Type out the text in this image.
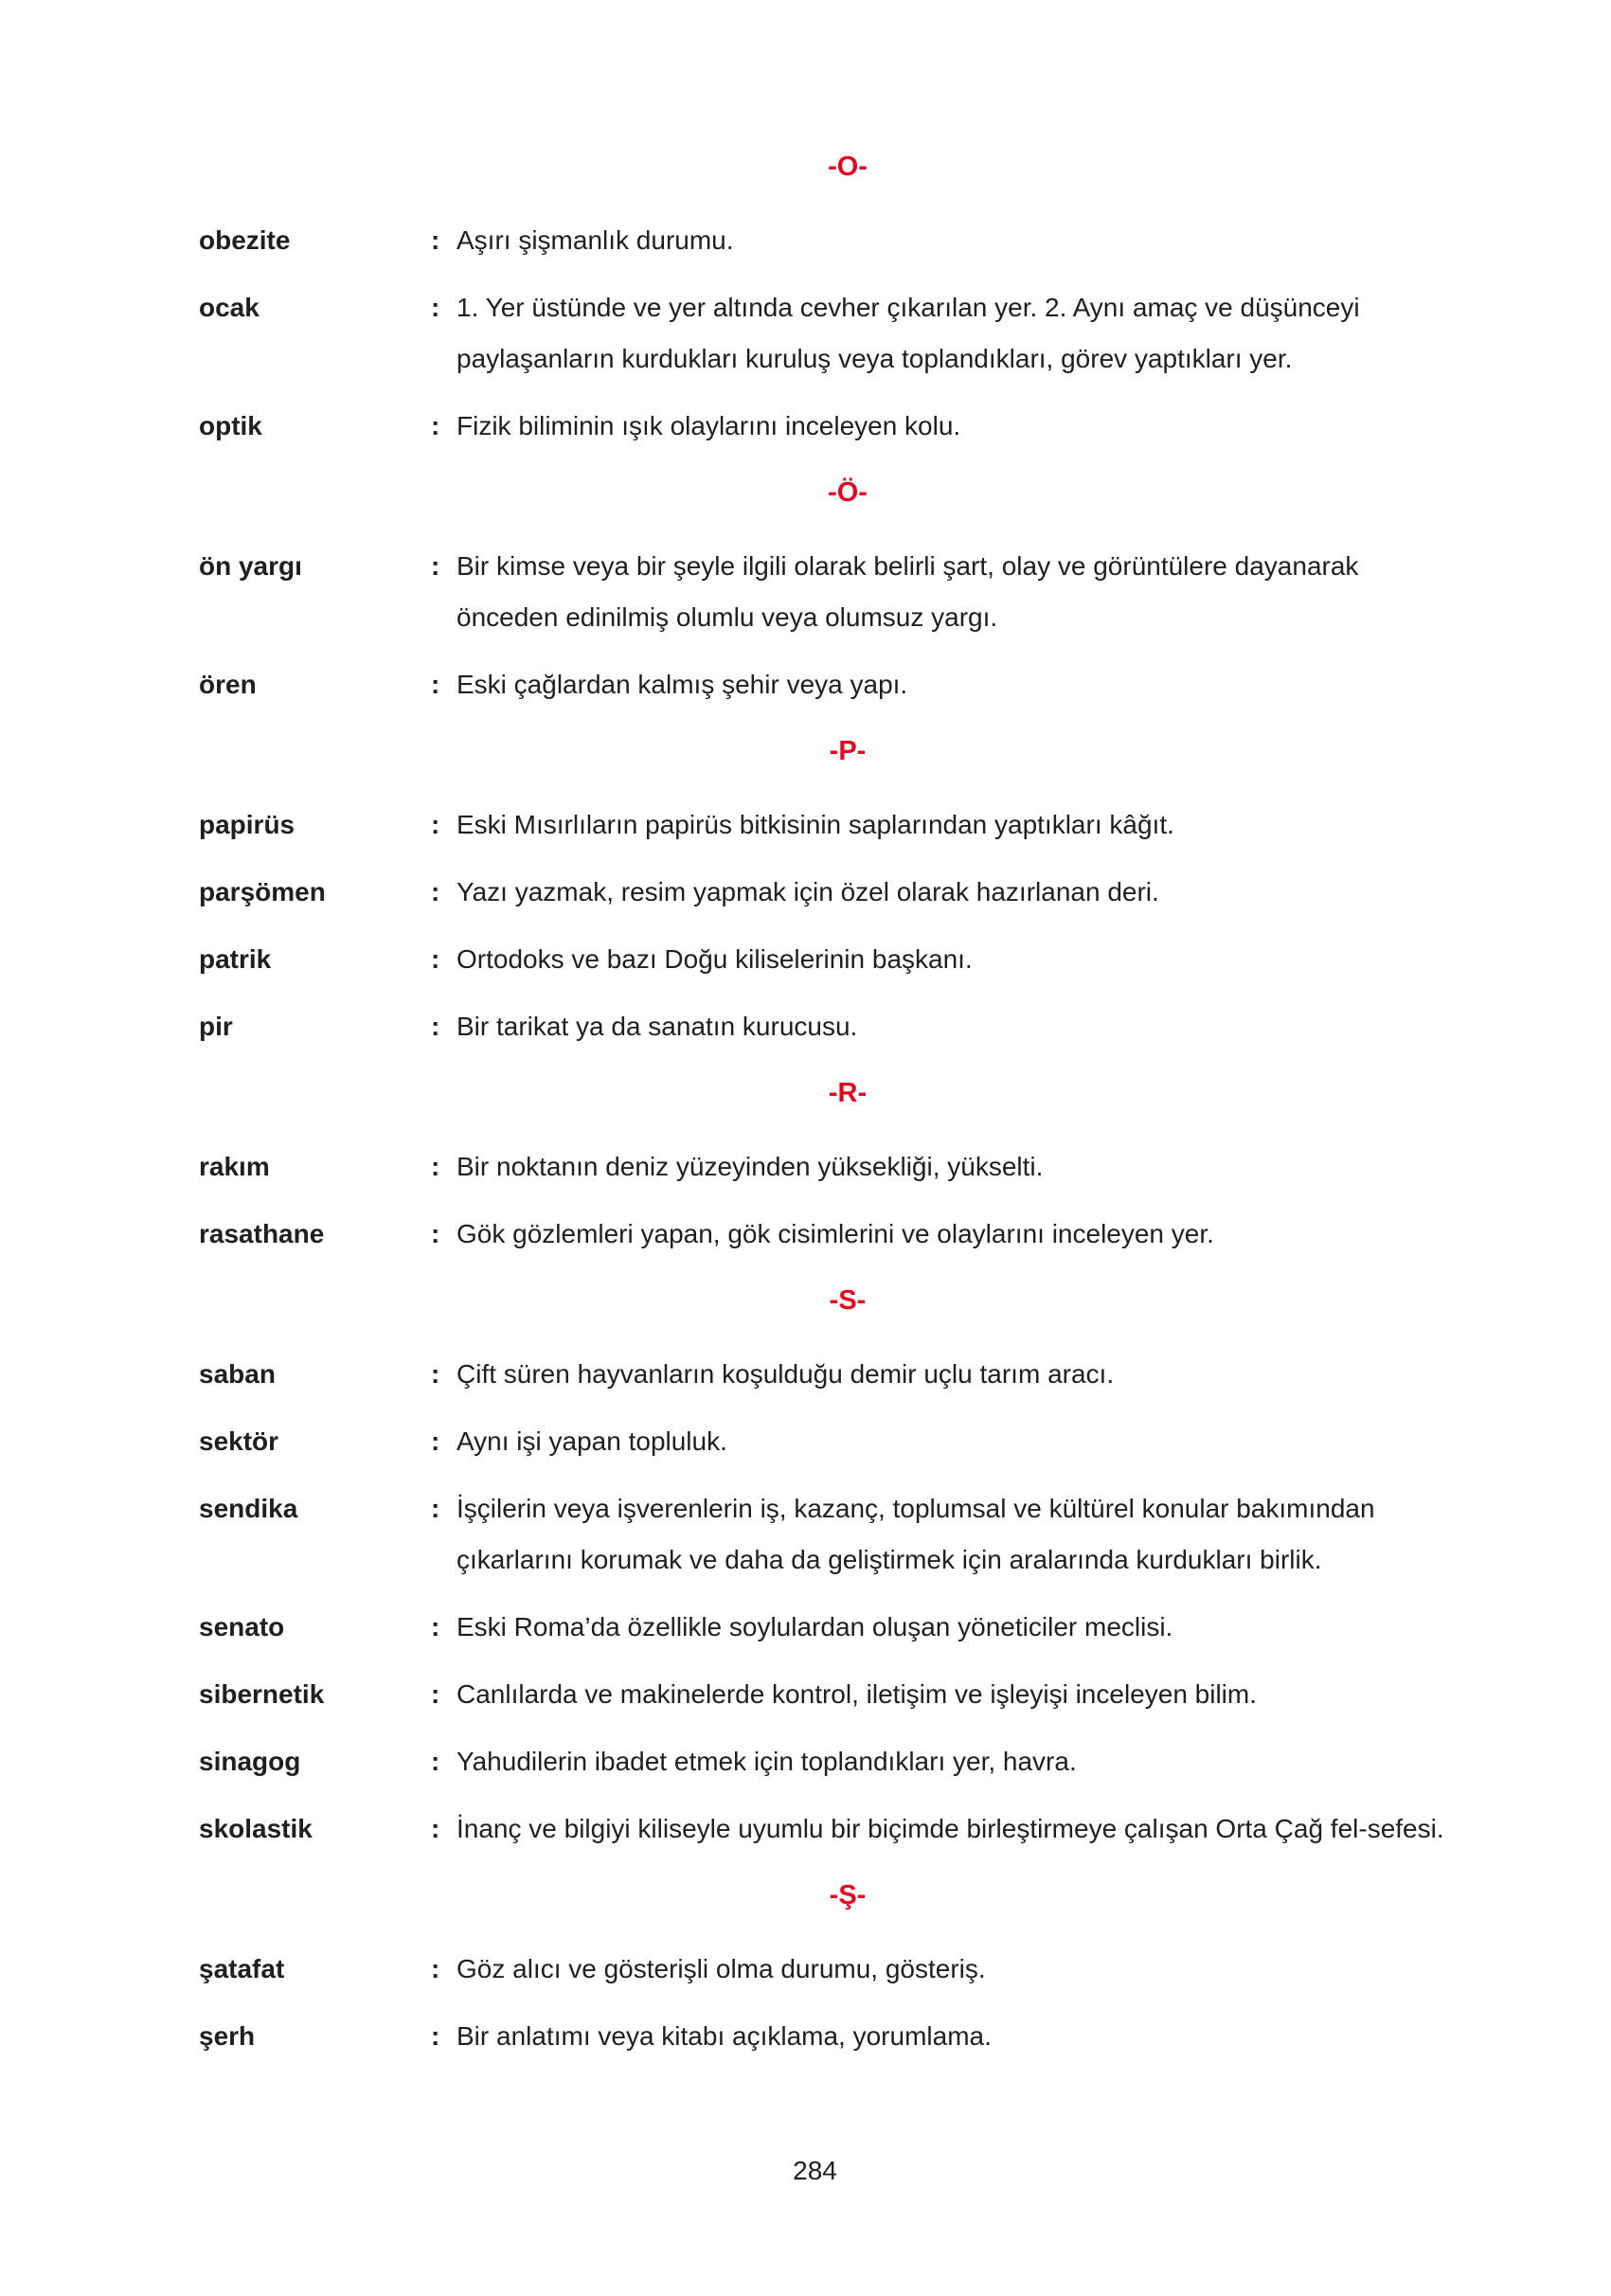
-O-
obezite	: Aşırı şişmanlık durumu.
ocak	: 1. Yer üstünde ve yer altında cevher çıkarılan yer. 2. Aynı amaç ve düşünceyi paylaşanların kurdukları kuruluş veya toplandıkları, görev yaptıkları yer.
optik	: Fizik biliminin ışık olaylarını inceleyen kolu.
-Ö-
ön yargı	: Bir kimse veya bir şeyle ilgili olarak belirli şart, olay ve görüntülere dayanarak önceden edinilmiş olumlu veya olumsuz yargı.
ören	: Eski çağlardan kalmış şehir veya yapı.
-P-
papirüs	: Eski Mısırlıların papirüs bitkisinin saplarından yaptıkları kâğıt.
parşömen	: Yazı yazmak, resim yapmak için özel olarak hazırlanan deri.
patrik	: Ortodoks ve bazı Doğu kiliselerinin başkanı.
pir	: Bir tarikat ya da sanatın kurucusu.
-R-
rakım	: Bir noktanın deniz yüzeyinden yüksekliği, yükselti.
rasathane	: Gök gözlemleri yapan, gök cisimlerini ve olaylarını inceleyen yer.
-S-
saban	: Çift süren hayvanların koşulduğu demir uçlu tarım aracı.
sektör	: Aynı işi yapan topluluk.
sendika	: İşçilerin veya işverenlerin iş, kazanç, toplumsal ve kültürel konular bakımından çıkarlarını korumak ve daha da geliştirmek için aralarında kurdukları birlik.
senato	: Eski Roma’da özellikle soylulardan oluşan yöneticiler meclisi.
sibernetik	: Canlılarda ve makinelerde kontrol, iletişim ve işleyişi inceleyen bilim.
sinagog	: Yahudilerin ibadet etmek için toplandıkları yer, havra.
skolastik	: İnanç ve bilgiyi kiliseyle uyumlu bir biçimde birleştirmeye çalışan Orta Çağ fel-sefesi.
-Ş-
şatafat	: Göz alıcı ve gösterişli olma durumu, gösteriş.
şerh	: Bir anlatımı veya kitabı açıklama, yorumlama.
284
